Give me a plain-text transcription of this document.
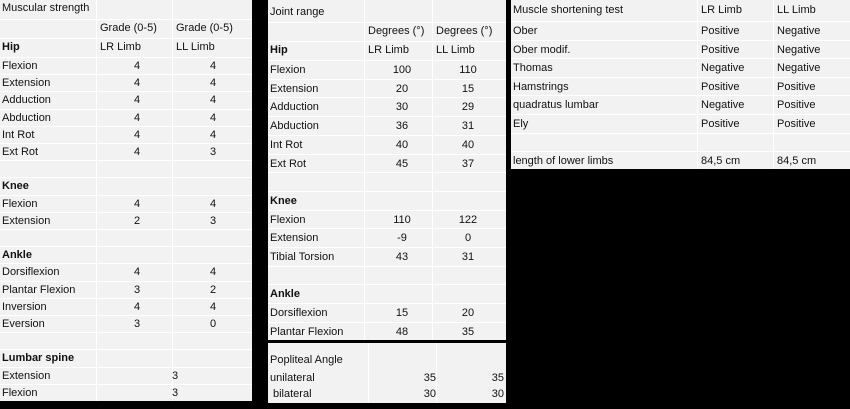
Muscular strength
Grade (0-5) Grade (0-5)
Hip	LR Limb	LL Limb
Flexion	4	4
Extension	4	4
Adduction	4	4
Abduction	4	4
Int Rot	4	4
Ext Rot	4	3
Knee
Flexion	4	4
Extension	2	3
Ankle
Dorsiflexion	4	4
Plantar Flexion	3	2
Inversion	4	4
Eversion	3	0
Lumbar spine
Extension	3
Flexion	3
Joint range
Degrees (°) Degrees (°)
Hip	LR Limb LL Limb
Flexion	100	110
Extension	20	15
Adduction	30	29
Abduction	36	31
Int Rot	40	40
Ext Rot	45	37
Knee
Flexion	110	122
Extension	-9	0
Tibial Torsion	43	31
Ankle
Dorsiflexion	15	20
Plantar Flexion	48	35
Popliteal Angle
unilateral	35	35
bilateral	30	30
Muscle shortening test	LR Limb	LL Limb
Ober	Positive	Negative
Ober modif.	Positive	Negative
Thomas	Negative	Negative
Hamstrings	Positive	Positive
quadratus lumbar	Negative	Positive
Ely	Positive	Positive
length of lower limbs	84,5 cm	84,5 cm
